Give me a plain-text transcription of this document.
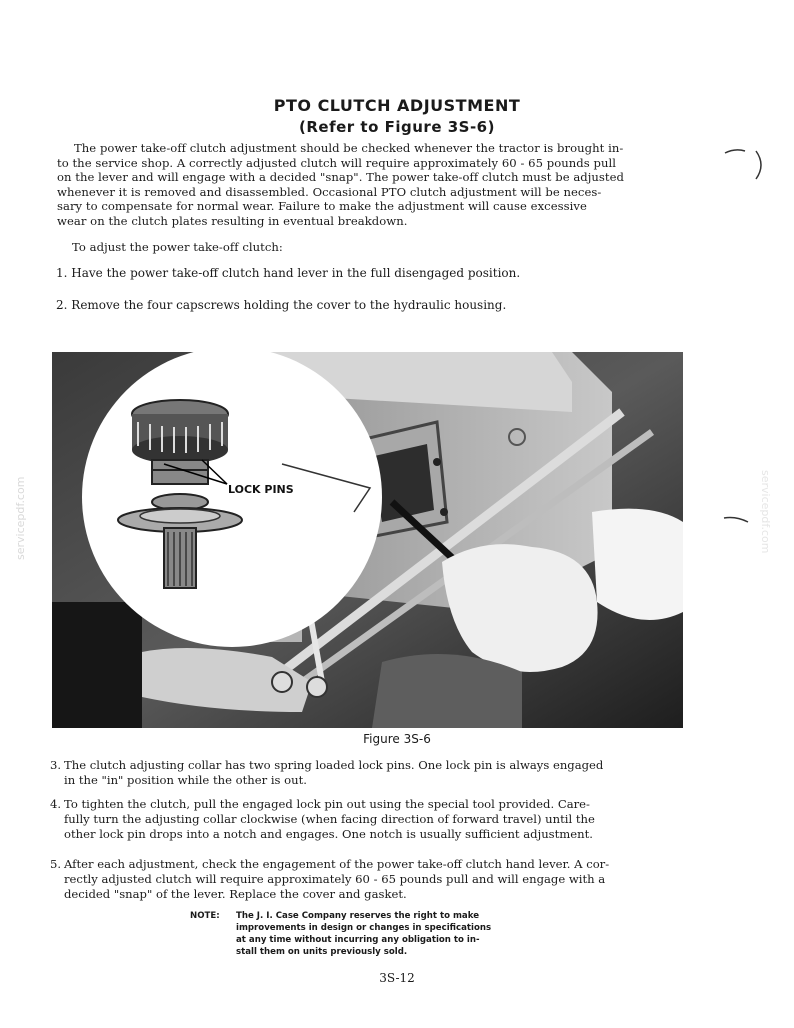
servicepdf.com	servicepdf.com
PTO CLUTCH ADJUSTMENT
(Refer to Figure 3S-6)
The power take-off clutch adjustment should be checked whenever the tractor is brought in-
to the service shop. A correctly adjusted clutch will require approximately 60 - 65 pounds pull
on the lever and will engage with a decided "snap". The power take-off clutch must be adjusted
whenever it is removed and disassembled. Occasional PTO clutch adjustment will be neces-
sary to compensate for normal wear. Failure to make the adjustment will cause excessive
wear on the clutch plates resulting in eventual breakdown.
To adjust the power take-off clutch:
1. Have the power take-off clutch hand lever in the full disengaged position.
2. Remove the four capscrews holding the cover to the hydraulic housing.
LOCK PINS
Figure 3S-6
3. The clutch adjusting collar has two spring loaded lock pins. One lock pin is always engaged
in the "in" position while the other is out.
4. To tighten the clutch, pull the engaged lock pin out using the special tool provided. Care-
fully turn the adjusting collar clockwise (when facing direction of forward travel) until the
other lock pin drops into a notch and engages. One notch is usually sufficient adjustment.
5. After each adjustment, check the engagement of the power take-off clutch hand lever. A cor-
rectly adjusted clutch will require approximately 60 - 65 pounds pull and will engage with a
decided "snap" of the lever. Replace the cover and gasket.
NOTE: The J. I. Case Company reserves the right to make
improvements in design or changes in specifications
at any time without incurring any obligation to in-
stall them on units previously sold.
3S-12
